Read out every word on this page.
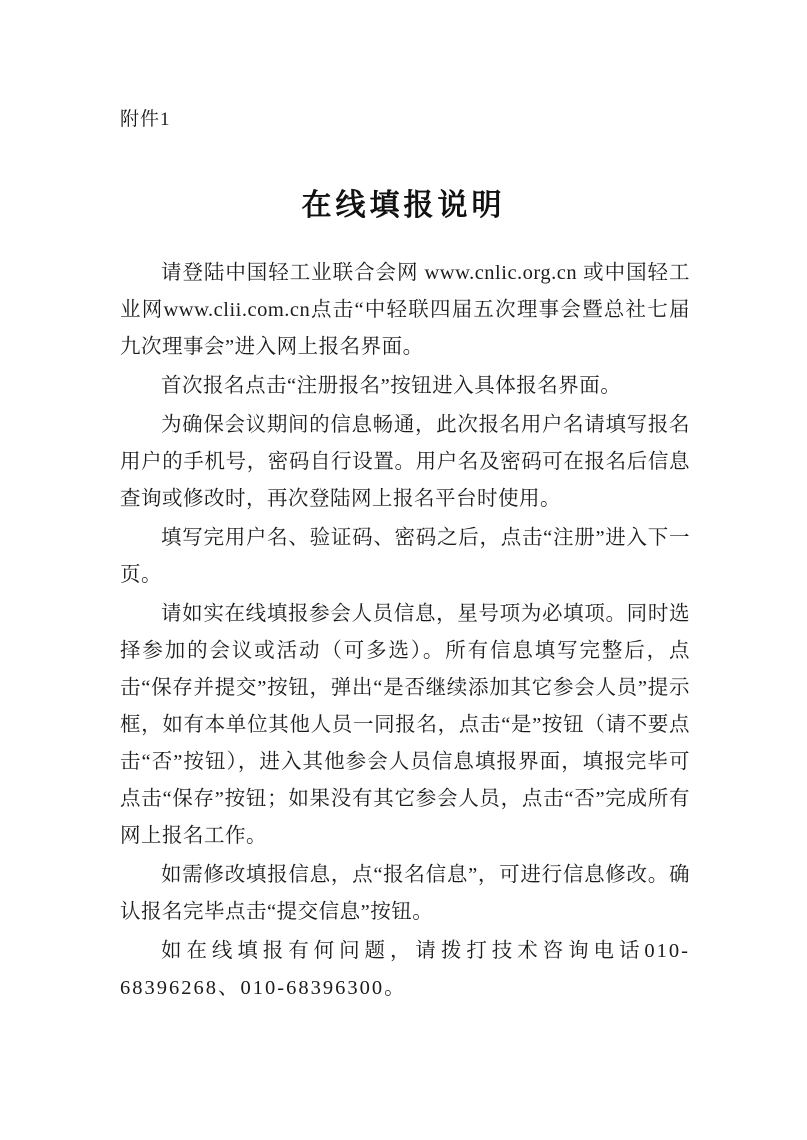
附件1
在线填报说明

请登陆中国轻工业联合会网 www.cnlic.org.cn 或中国轻工业网www.clii.com.cn点击“中轻联四届五次理事会暨总社七届九次理事会”进入网上报名界面。

首次报名点击“注册报名”按钮进入具体报名界面。

为确保会议期间的信息畅通，此次报名用户名请填写报名用户的手机号，密码自行设置。用户名及密码可在报名后信息查询或修改时，再次登陆网上报名平台时使用。

填写完用户名、验证码、密码之后，点击“注册”进入下一页。

请如实在线填报参会人员信息，星号项为必填项。同时选择参加的会议或活动（可多选）。所有信息填写完整后，点击“保存并提交”按钮，弹出“是否继续添加其它参会人员”提示框，如有本单位其他人员一同报名，点击“是”按钮（请不要点击“否”按钮），进入其他参会人员信息填报界面，填报完毕可点击“保存”按钮；如果没有其它参会人员，点击“否”完成所有网上报名工作。

如需修改填报信息，点“报名信息”，可进行信息修改。确认报名完毕点击“提交信息”按钮。

如在线填报有何问题，请拨打技术咨询电话010-68396268、010-68396300。
